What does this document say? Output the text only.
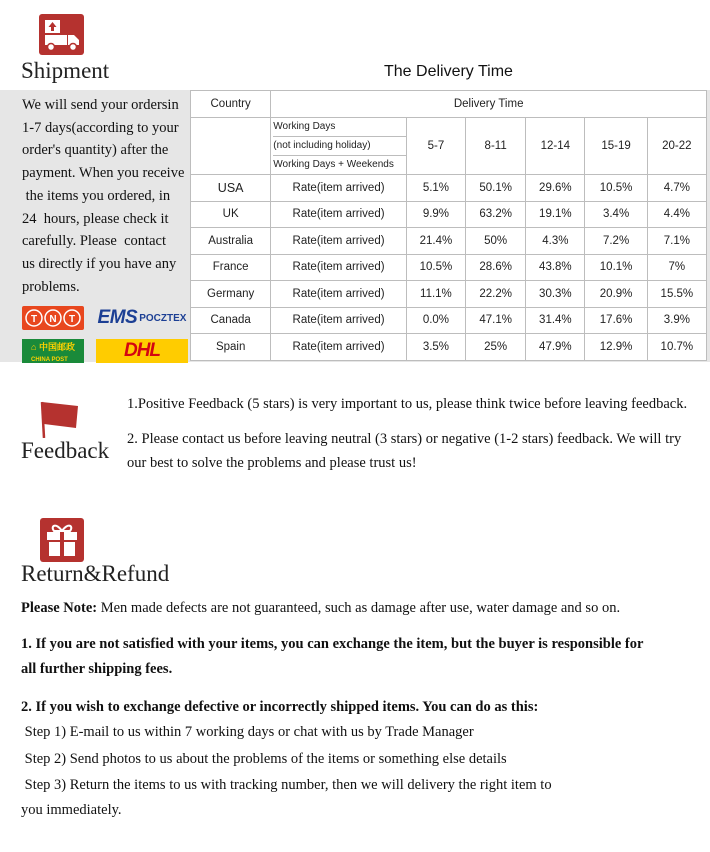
Shipment	The Delivery Time
We will send your ordersin
1-7 days(according to your
order's quantity) after the
payment. When you receive
the items you ordered, in
24  hours, please check it
carefully. Please  contact
us directly if you have any
problems.
T N T EMS POCZTEX
⌂ 中国邮政
CHINA POST	DHL
Country	Delivery Time					

	Working Days
(not including holiday)
Working Days + Weekends	5-7	8-11	12-14	15-19	20-22
USA	Rate(item arrived)	5.1%	50.1%	29.6%	10.5%	4.7%
UK	Rate(item arrived)	9.9%	63.2%	19.1%	3.4%	4.4%
Australia	Rate(item arrived)	21.4%	50%	4.3%	7.2%	7.1%
France	Rate(item arrived)	10.5%	28.6%	43.8%	10.1%	7%
Germany	Rate(item arrived)	11.1%	22.2%	30.3%	20.9%	15.5%
Canada	Rate(item arrived)	0.0%	47.1%	31.4%	17.6%	3.9%
Spain	Rate(item arrived)	3.5%	25%	47.9%	12.9%	10.7%
Feedback
1.Positive Feedback (5 stars) is very important to us, please think twice before leaving feedback.
2. Please contact us before leaving neutral (3 stars) or negative (1-2 stars) feedback. We will try
our best to solve the problems and please trust us!
Return&Refund
Please Note: Men made defects are not guaranteed, such as damage after use, water damage and so on.
1. If you are not satisfied with your items, you can exchange the item, but the buyer is responsible for
all further shipping fees.
2. If you wish to exchange defective or incorrectly shipped items. You can do as this:
Step 1) E-mail to us within 7 working days or chat with us by Trade Manager
Step 2) Send photos to us about the problems of the items or something else details
Step 3) Return the items to us with tracking number, then we will delivery the right item to
you immediately.
